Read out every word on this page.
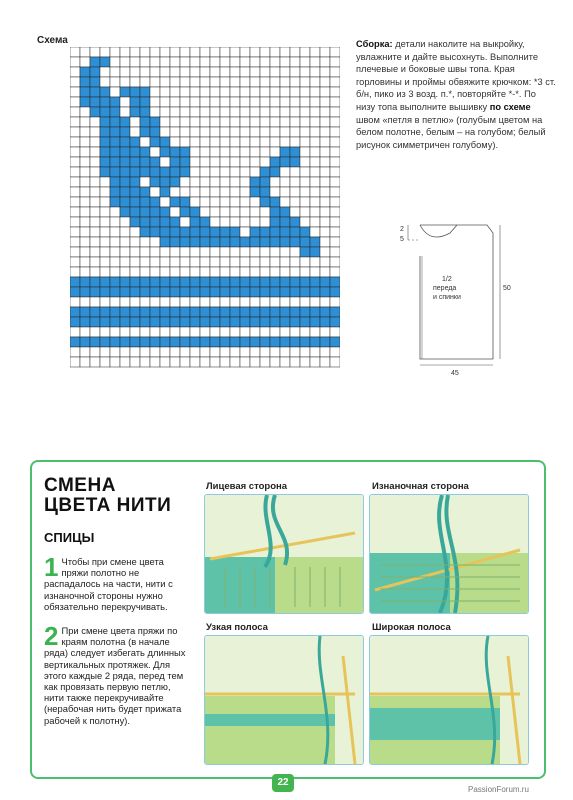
Схема	Сборка: детали наколите на выкройку, увлажните и дайте высохнуть. Выполните плечевые и боковые швы топа. Края горловины и проймы обвяжите крючком: *3 ст. б/н, пико из 3 возд. п.*, повторяйте *-*. По низу топа выполните вышивку по схеме швом «петля в петлю» (голубым цветом на белом полотне, белым – на голубом; белый рисунок симметричен голубому).
2
5
1/2
переда
и спинки
50
45
СМЕНА
ЦВЕТА НИТИ
СПИЦЫ
1 Чтобы при смене цвета пряжи полотно не распадалось на части, нити с изнаночной стороны нужно обязательно перекручивать.
2 При смене цвета пряжи по краям полотна (в начале ряда) следует избегать длинных вертикальных протяжек. Для этого каждые 2 ряда, перед тем как провязать первую петлю, нити также перекручивайте (нерабочая нить будет прижата рабочей к полотну).
Лицевая сторона	Изнаночная сторона
Узкая полоса	Широкая полоса
22
PassionForum.ru
